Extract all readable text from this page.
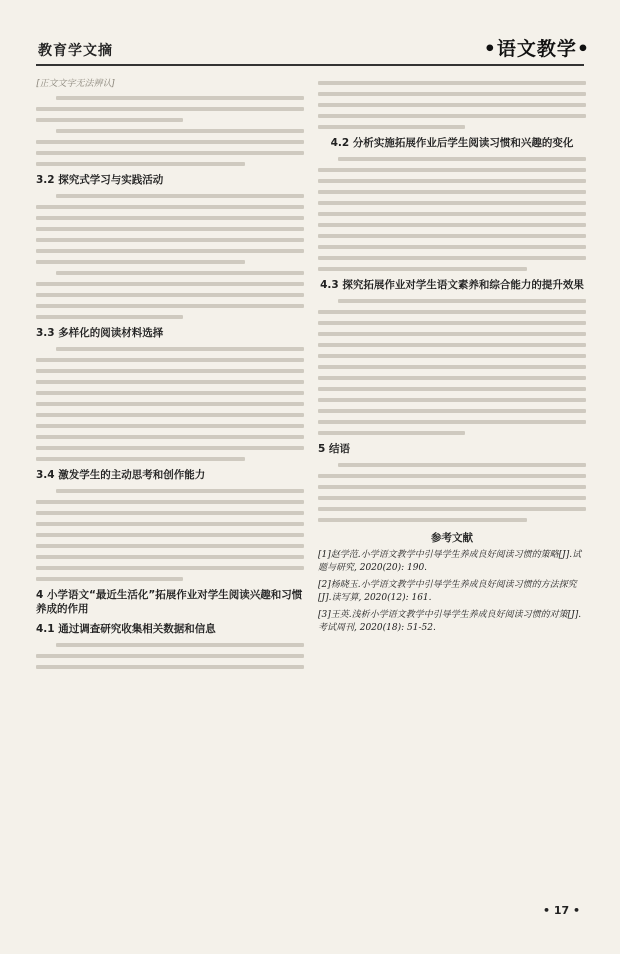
教育学文摘	•语文教学•
[正文文字无法辨认]
3.2 探究式学习与实践活动
3.3 多样化的阅读材料选择
3.4 激发学生的主动思考和创作能力
4 小学语文“最近生活化”拓展作业对学生阅读兴趣和习惯养成的作用
4.1 通过调查研究收集相关数据和信息
4.2 分析实施拓展作业后学生阅读习惯和兴趣的变化
4.3 探究拓展作业对学生语文素养和综合能力的提升效果
5 结语
参考文献
[1]赵学范.小学语文教学中引导学生养成良好阅读习惯的策略[J].试题与研究, 2020(20): 190.
[2]杨晓玉.小学语文教学中引导学生养成良好阅读习惯的方法探究[J].读写算, 2020(12): 161.
[3]王英.浅析小学语文教学中引导学生养成良好阅读习惯的对策[J].考试周刊, 2020(18): 51-52.
• 17 •
